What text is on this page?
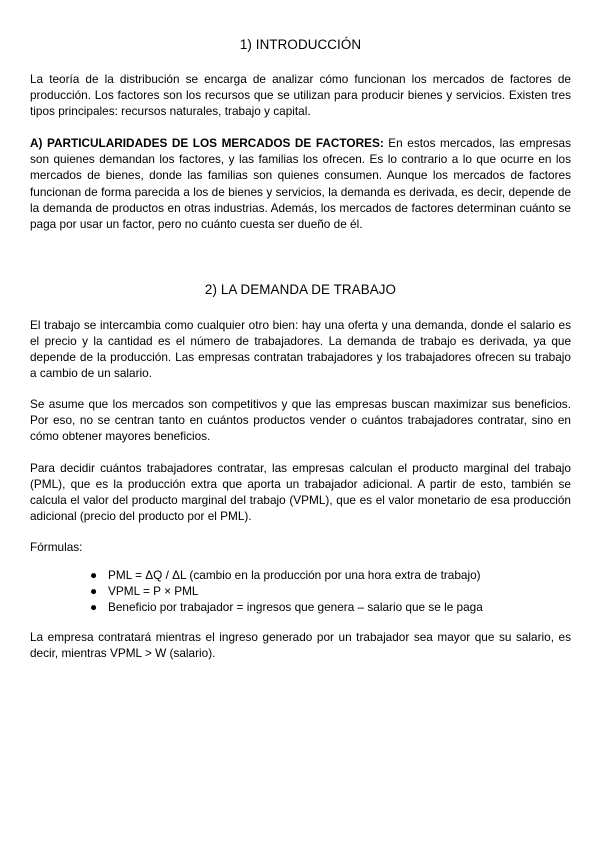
1) INTRODUCCIÓN

La teoría de la distribución se encarga de analizar cómo funcionan los mercados de factores de producción. Los factores son los recursos que se utilizan para producir bienes y servicios. Existen tres tipos principales: recursos naturales, trabajo y capital.

A) PARTICULARIDADES DE LOS MERCADOS DE FACTORES: En estos mercados, las empresas son quienes demandan los factores, y las familias los ofrecen. Es lo contrario a lo que ocurre en los mercados de bienes, donde las familias son quienes consumen. Aunque los mercados de factores funcionan de forma parecida a los de bienes y servicios, la demanda es derivada, es decir, depende de la demanda de productos en otras industrias. Además, los mercados de factores determinan cuánto se paga por usar un factor, pero no cuánto cuesta ser dueño de él.

2) LA DEMANDA DE TRABAJO

El trabajo se intercambia como cualquier otro bien: hay una oferta y una demanda, donde el salario es el precio y la cantidad es el número de trabajadores. La demanda de trabajo es derivada, ya que depende de la producción. Las empresas contratan trabajadores y los trabajadores ofrecen su trabajo a cambio de un salario.

Se asume que los mercados son competitivos y que las empresas buscan maximizar sus beneficios. Por eso, no se centran tanto en cuántos productos vender o cuántos trabajadores contratar, sino en cómo obtener mayores beneficios.

Para decidir cuántos trabajadores contratar, las empresas calculan el producto marginal del trabajo (PML), que es la producción extra que aporta un trabajador adicional. A partir de esto, también se calcula el valor del producto marginal del trabajo (VPML), que es el valor monetario de esa producción adicional (precio del producto por el PML).

Fórmulas:

● PML = ΔQ / ΔL (cambio en la producción por una hora extra de trabajo)
● VPML = P × PML
● Beneficio por trabajador = ingresos que genera – salario que se le paga

La empresa contratará mientras el ingreso generado por un trabajador sea mayor que su salario, es decir, mientras VPML > W (salario).
